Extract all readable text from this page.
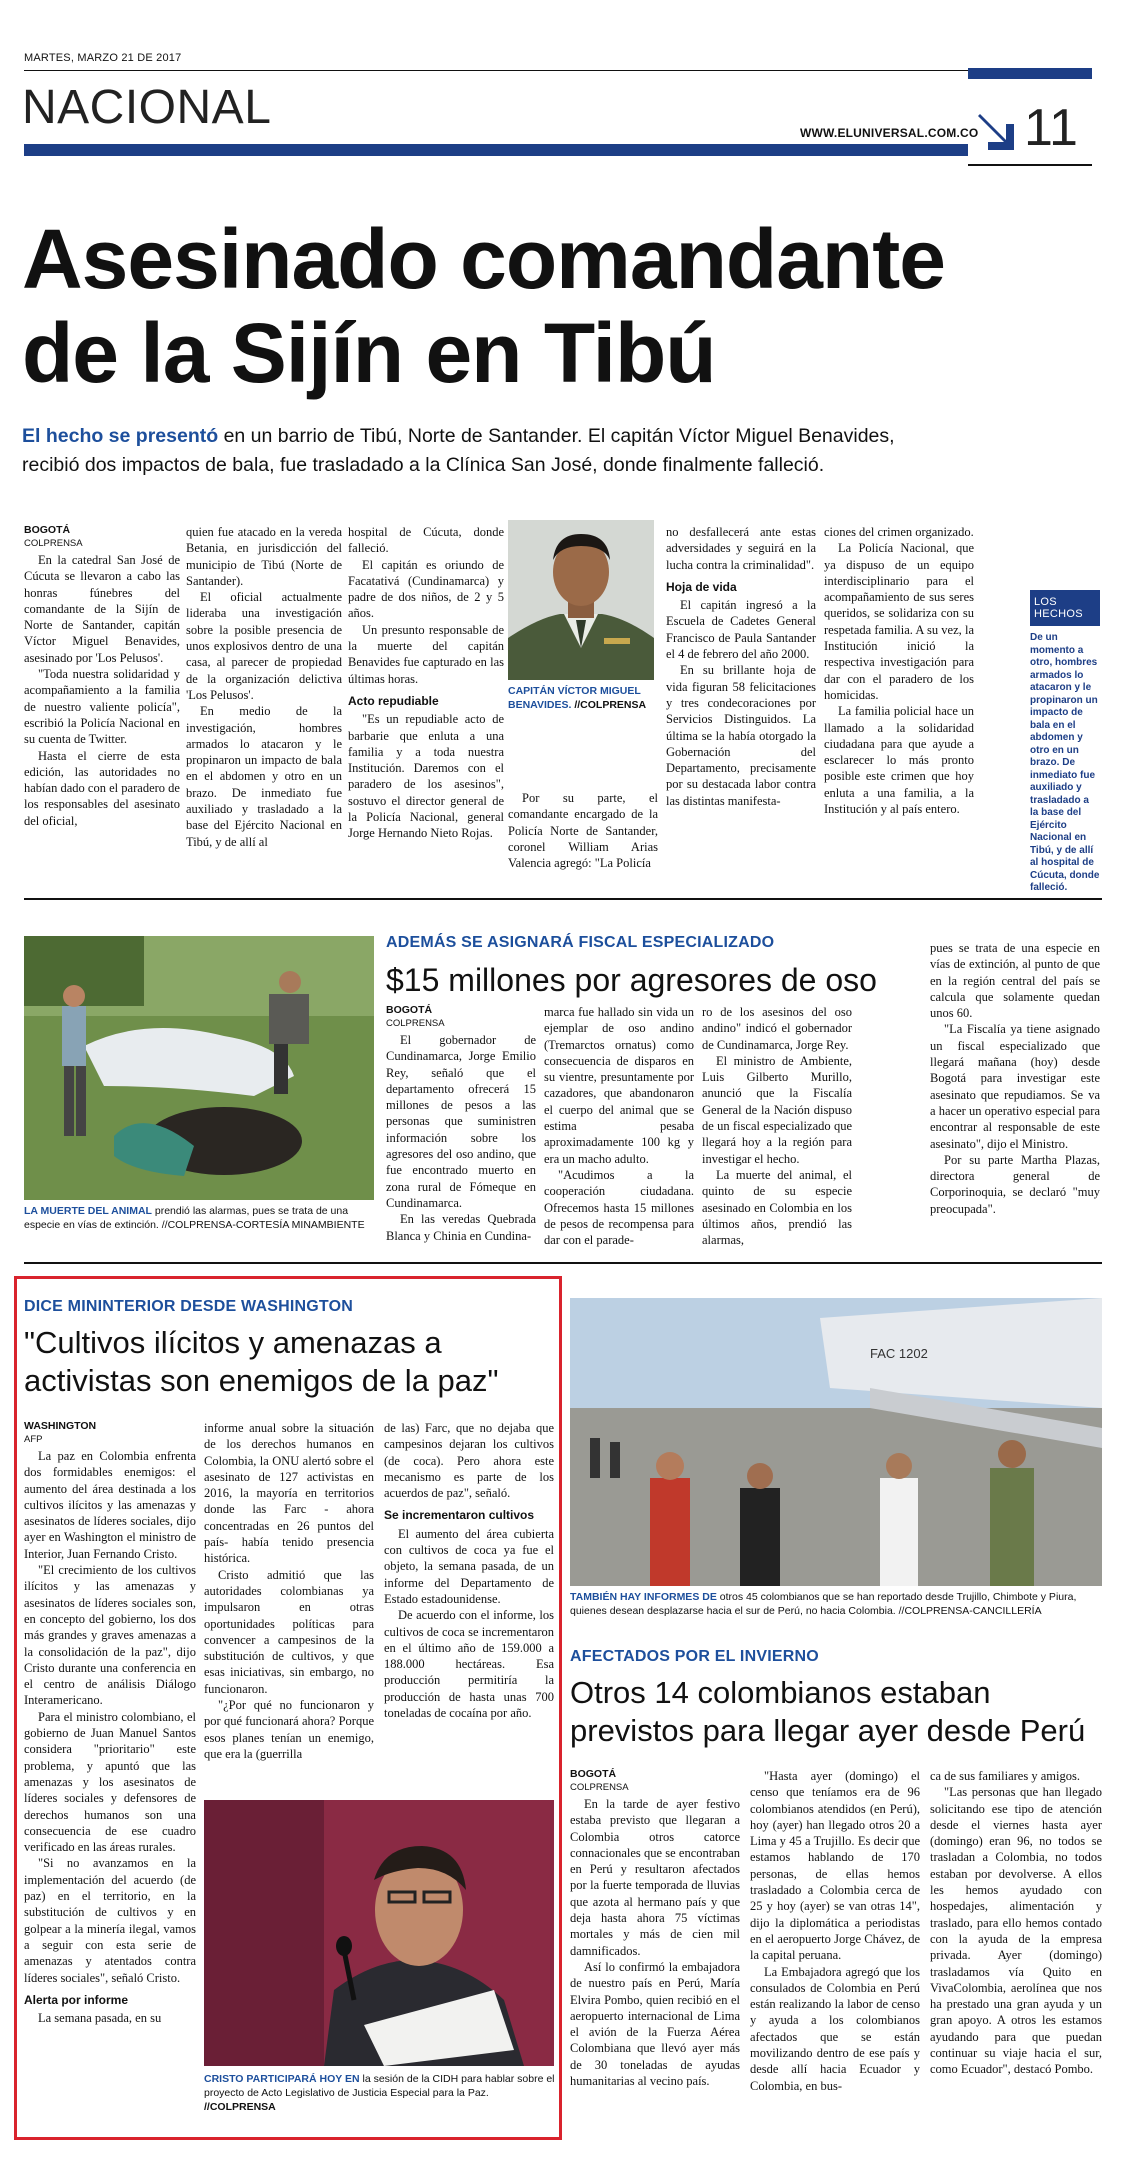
MARTES, MARZO 21 DE 2017
NACIONAL	WWW.ELUNIVERSAL.COM.CO 11
Asesinado comandante
de la Sijín en Tibú
El hecho se presentó en un barrio de Tibú, Norte de Santander. El capitán Víctor Miguel Benavides,
recibió dos impactos de bala, fue trasladado a la Clínica San José, donde finalmente falleció.

BOGOTÁ

COLPRENSA

En la catedral San José de Cúcuta se llevaron a cabo las honras fúnebres del comandante de la Sijín de Norte de Santander, capitán Víctor Miguel Benavides, asesinado por 'Los Pelusos'.

"Toda nuestra solidaridad y acompañamiento a la familia de nuestro valiente policía", escribió la Policía Nacional en su cuenta de Twitter.

Hasta el cierre de esta edición, las autoridades no habían dado con el paradero de los responsables del asesinato del oficial,

quien fue atacado en la vereda Betania, en jurisdicción del municipio de Tibú (Norte de Santander).

El oficial actualmente lideraba una investigación sobre la posible presencia de unos explosivos dentro de una casa, al parecer de propiedad de la organización delictiva 'Los Pelusos'.

En medio de la investigación, hombres armados lo atacaron y le propinaron un impacto de bala en el abdomen y otro en un brazo. De inmediato fue auxiliado y trasladado a la base del Ejército Nacional en Tibú, y de allí al

hospital de Cúcuta, donde falleció.

El capitán es oriundo de Facatativá (Cundinamarca) y padre de dos niños, de 2 y 5 años.

Un presunto responsable de la muerte del capitán Benavides fue capturado en las últimas horas.

Acto repudiable

"Es un repudiable acto de barbarie que enluta a una familia y a toda nuestra Institución. Daremos con el paradero de los asesinos", sostuvo el director general de la Policía Nacional, general Jorge Hernando Nieto Rojas.

CAPITÁN VÍCTOR MIGUEL BENAVIDES. //COLPRENSA

Por su parte, el comandante encargado de la Policía Norte de Santander, coronel William Arias Valencia agregó: "La Policía

no desfallecerá ante estas adversidades y seguirá en la lucha contra la criminalidad".

Hoja de vida

El capitán ingresó a la Escuela de Cadetes General Francisco de Paula Santander el 4 de febrero del año 2000.

En su brillante hoja de vida figuran 58 felicitaciones y tres condecoraciones por Servicios Distinguidos. La última se la había otorgado la Gobernación del Departamento, precisamente por su destacada labor contra las distintas manifesta-

ciones del crimen organizado.

La Policía Nacional, que ya dispuso de un equipo interdisciplinario para el acompañamiento de sus seres queridos, se solidariza con su respetada familia. A su vez, la Institución inició la respectiva investigación para dar con el paradero de los homicidas.

La familia policial hace un llamado a la solidaridad ciudadana para que ayude a esclarecer lo más pronto posible este crimen que hoy enluta a una familia, a la Institución y al país entero.

LOS HECHOS
De un momento a otro, hombres armados lo atacaron y le propinaron un impacto de bala en el abdomen y otro en un brazo. De inmediato fue auxiliado y trasladado a la base del Ejército Nacional en Tibú, y de allí al hospital de Cúcuta, donde falleció.
LA MUERTE DEL ANIMAL prendió las alarmas, pues se trata de una especie en vías de extinción. //COLPRENSA-CORTESÍA MINAMBIENTE
ADEMÁS SE ASIGNARÁ FISCAL ESPECIALIZADO
$15 millones por agresores de oso

BOGOTÁ

COLPRENSA

El gobernador de Cundinamarca, Jorge Emilio Rey, señaló que el departamento ofrecerá 15 millones de pesos a las personas que suministren información sobre los agresores del oso andino, que fue encontrado muerto en zona rural de Fómeque en Cundinamarca.

En las veredas Quebrada Blanca y Chinia en Cundina-

marca fue hallado sin vida un ejemplar de oso andino (Tremarctos ornatus) como consecuencia de disparos en su vientre, presuntamente por cazadores, que abandonaron el cuerpo del animal que se estima pesaba aproximadamente 100 kg y era un macho adulto.

"Acudimos a la cooperación ciudadana. Ofrecemos hasta 15 millones de pesos de recompensa para dar con el parade-

ro de los asesinos del oso andino" indicó el gobernador de Cundinamarca, Jorge Rey.

El ministro de Ambiente, Luis Gilberto Murillo, anunció que la Fiscalía General de la Nación dispuso de un fiscal especializado que llegará hoy a la región para investigar el hecho.

La muerte del animal, el quinto de su especie asesinado en Colombia en los últimos años, prendió las alarmas,

pues se trata de una especie en vías de extinción, al punto de que en la región central del país se calcula que solamente quedan unos 60.

"La Fiscalía ya tiene asignado un fiscal especializado que llegará mañana (hoy) desde Bogotá para investigar este asesinato que repudiamos. Se va a hacer un operativo especial para encontrar al responsable de este asesinato", dijo el Ministro.

Por su parte Martha Plazas, directora general de Corporinoquia, se declaró "muy preocupada".

DICE MININTERIOR DESDE WASHINGTON
"Cultivos ilícitos y amenazas a
activistas son enemigos de la paz"

WASHINGTON

AFP

La paz en Colombia enfrenta dos formidables enemigos: el aumento del área destinada a los cultivos ilícitos y las amenazas y asesinatos de líderes sociales, dijo ayer en Washington el ministro de Interior, Juan Fernando Cristo.

"El crecimiento de los cultivos ilícitos y las amenazas y asesinatos de líderes sociales son, en concepto del gobierno, los dos más grandes y graves amenazas a la consolidación de la paz", dijo Cristo durante una conferencia en el centro de análisis Diálogo Interamericano.

Para el ministro colombiano, el gobierno de Juan Manuel Santos considera "prioritario" este problema, y apuntó que las amenazas y los asesinatos de líderes sociales y defensores de derechos humanos son una consecuencia de ese cuadro verificado en las áreas rurales.

"Si no avanzamos en la implementación del acuerdo (de paz) en el territorio, en la substitución de cultivos y en golpear a la minería ilegal, vamos a seguir con esta serie de amenazas y atentados contra líderes sociales", señaló Cristo.

Alerta por informe

La semana pasada, en su

informe anual sobre la situación de los derechos humanos en Colombia, la ONU alertó sobre el asesinato de 127 activistas en 2016, la mayoría en territorios donde las Farc - ahora concentradas en 26 puntos del país- había tenido presencia histórica.

Cristo admitió que las autoridades colombianas ya impulsaron en otras oportunidades políticas para convencer a campesinos de la substitución de cultivos, y que esas iniciativas, sin embargo, no funcionaron.

"¿Por qué no funcionaron y por qué funcionará ahora? Porque esos planes tenían un enemigo, que era la (guerrilla

de las) Farc, que no dejaba que campesinos dejaran los cultivos (de coca). Pero ahora este mecanismo es parte de los acuerdos de paz", señaló.

Se incrementaron cultivos

El aumento del área cubierta con cultivos de coca ya fue el objeto, la semana pasada, de un informe del Departamento de Estado estadounidense.

De acuerdo con el informe, los cultivos de coca se incrementaron en el último año de 159.000 a 188.000 hectáreas. Esa producción permitiría la producción de hasta unas 700 toneladas de cocaína por año.

CRISTO PARTICIPARÁ HOY EN la sesión de la CIDH para hablar sobre el proyecto de Acto Legislativo de Justicia Especial para la Paz.
//COLPRENSA
FAC 1202
TAMBIÉN HAY INFORMES DE otros 45 colombianos que se han reportado desde Trujillo, Chimbote y Piura, quienes desean desplazarse hacia el sur de Perú, no hacia Colombia. //COLPRENSA-CANCILLERÍA
AFECTADOS POR EL INVIERNO
Otros 14 colombianos estaban
previstos para llegar ayer desde Perú

BOGOTÁ

COLPRENSA

En la tarde de ayer festivo estaba previsto que llegaran a Colombia otros catorce connacionales que se encontraban en Perú y resultaron afectados por la fuerte temporada de lluvias que azota al hermano país y que deja hasta ahora 75 víctimas mortales y más de cien mil damnificados.

Así lo confirmó la embajadora de nuestro país en Perú, María Elvira Pombo, quien recibió en el aeropuerto internacional de Lima el avión de la Fuerza Aérea Colombiana que llevó ayer más de 30 toneladas de ayudas humanitarias al vecino país.

"Hasta ayer (domingo) el censo que teníamos era de 96 colombianos atendidos (en Perú), hoy (ayer) han llegado otros 20 a Lima y 45 a Trujillo. Es decir que estamos hablando de 170 personas, de ellas hemos trasladado a Colombia cerca de 25 y hoy (ayer) se van otras 14", dijo la diplomática a periodistas en el aeropuerto Jorge Chávez, de la capital peruana.

La Embajadora agregó que los consulados de Colombia en Perú están realizando la labor de censo y ayuda a los colombianos afectados que se están movilizando dentro de ese país y desde allí hacia Ecuador y Colombia, en bus-

ca de sus familiares y amigos.

"Las personas que han llegado solicitando ese tipo de atención desde el viernes hasta ayer (domingo) eran 96, no todos se trasladan a Colombia, no todos estaban por devolverse. A ellos les hemos ayudado con hospedajes, alimentación y traslado, para ello hemos contado con la ayuda de la empresa privada. Ayer (domingo) trasladamos vía Quito en VivaColombia, aerolínea que nos ha prestado una gran ayuda y un gran apoyo. A otros les estamos ayudando para que puedan continuar su viaje hacia el sur, como Ecuador", destacó Pombo.
